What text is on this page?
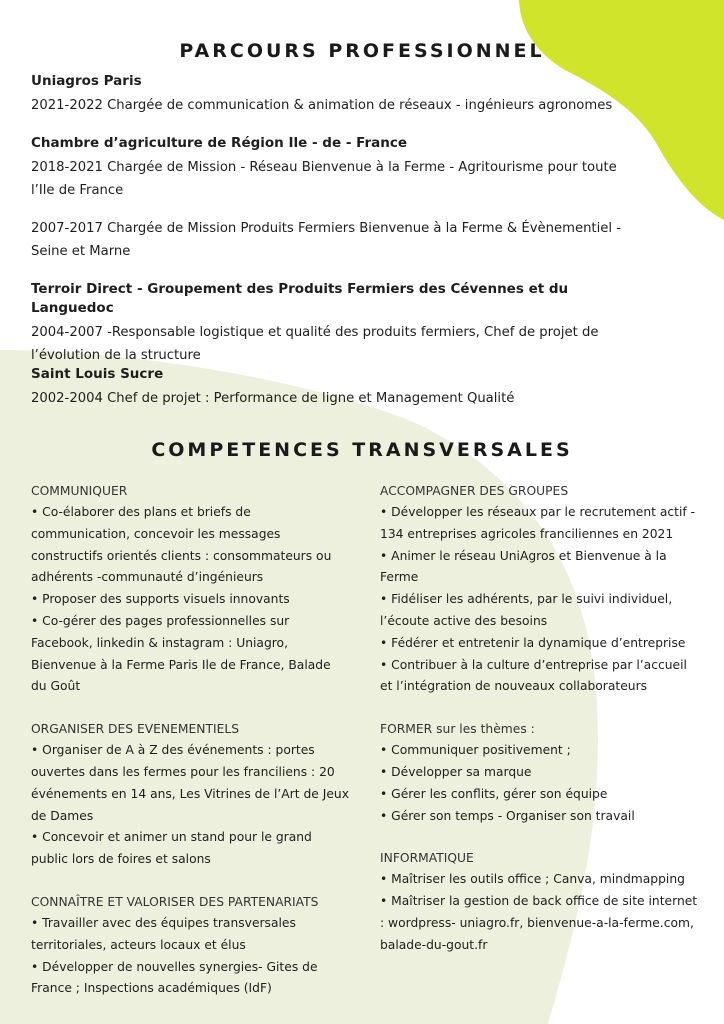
PARCOURS PROFESSIONNEL

Uniagros Paris

2021-2022 Chargée de communication & animation de réseaux - ingénieurs agronomes

Chambre d’agriculture de Région Ile - de - France

2018-2021 Chargée de Mission - Réseau Bienvenue à la Ferme - Agritourisme pour toute

l’Ile de France

2007-2017 Chargée de Mission Produits Fermiers Bienvenue à la Ferme & Évènementiel -

Seine et Marne

Terroir Direct - Groupement des Produits Fermiers des Cévennes et du Languedoc

2004-2007 -Responsable logistique et qualité des produits fermiers, Chef de projet de

l’évolution de la structure

Saint Louis Sucre

2002-2004 Chef de projet : Performance de ligne et Management Qualité

COMPETENCES TRANSVERSALES

COMMUNIQUER

• Co-élaborer des plans et briefs de

communication, concevoir les messages

constructifs orientés clients : consommateurs ou

adhérents -communauté d’ingénieurs

• Proposer des supports visuels innovants

• Co-gérer des pages professionnelles sur

Facebook, linkedin & instagram : Uniagro,

Bienvenue à la Ferme Paris Ile de France, Balade

du Goût

ORGANISER DES EVENEMENTIELS

• Organiser de A à Z des événements : portes

ouvertes dans les fermes pour les franciliens : 20

événements en 14 ans, Les Vitrines de l’Art de Jeux

de Dames

• Concevoir et animer un stand pour le grand

public lors de foires et salons

CONNAÎTRE ET VALORISER DES PARTENARIATS

• Travailler avec des équipes transversales

territoriales, acteurs locaux et élus

• Développer de nouvelles synergies- Gites de

France ; Inspections académiques (IdF)

ACCOMPAGNER DES GROUPES

• Développer les réseaux par le recrutement actif -

134 entreprises agricoles franciliennes en 2021

• Animer le réseau UniAgros et Bienvenue à la

Ferme

• Fidéliser les adhérents, par le suivi individuel,

l’écoute active des besoins

• Fédérer et entretenir la dynamique d’entreprise

• Contribuer à la culture d’entreprise par l’accueil

et l’intégration de nouveaux collaborateurs

FORMER sur les thèmes :

• Communiquer positivement ;

• Développer sa marque

• Gérer les conflits, gérer son équipe

• Gérer son temps - Organiser son travail

INFORMATIQUE

• Maîtriser les outils office ; Canva, mindmapping

• Maîtriser la gestion de back office de site internet

: wordpress- uniagro.fr, bienvenue-a-la-ferme.com,

balade-du-gout.fr
